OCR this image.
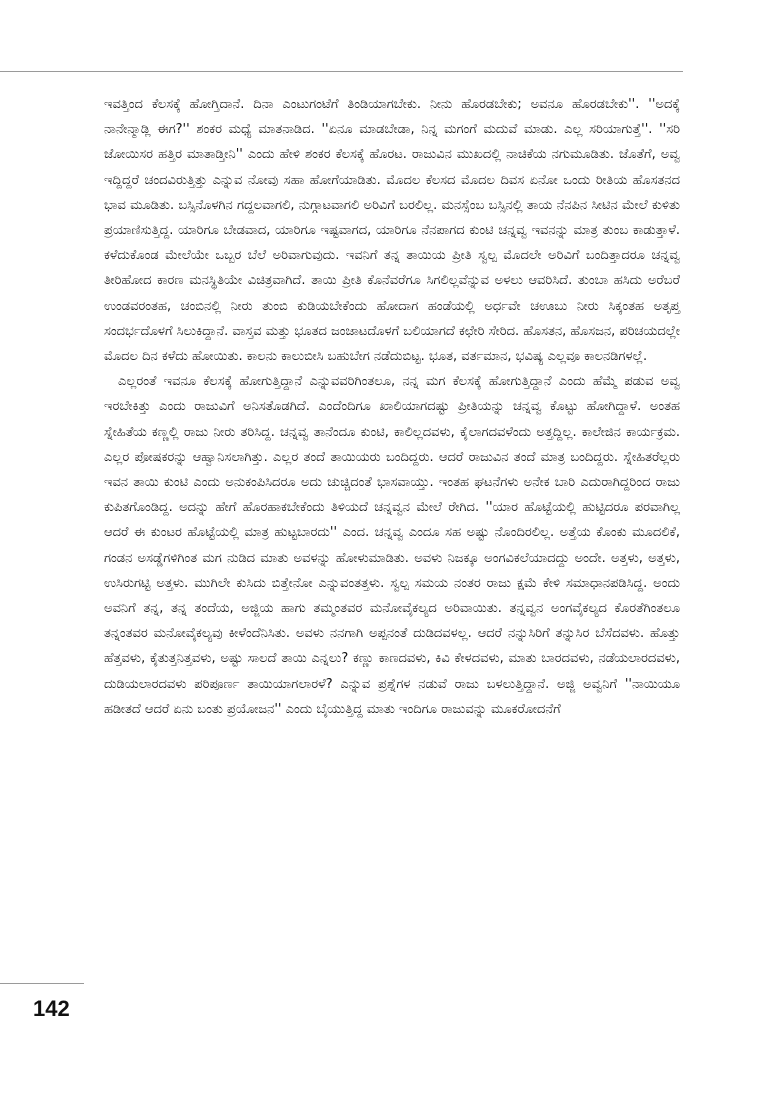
ಇವತ್ತಿಂದ ಕೆಲಸಕ್ಕೆ ಹೋಗ್ತಿದಾನೆ. ದಿನಾ ಎಂಟುಗಂಟೆಗೆ ತಿಂಡಿಯಾಗಬೇಕು. ನೀನು ಹೊರಡಬೇಕು; ಅವನೂ ಹೊರಡಬೇಕು''. ''ಅದಕ್ಕೆ ನಾನೇನ್ಮಾಡ್ಲಿ ಈಗ?'' ಶಂಕರ ಮಧ್ಯೆ ಮಾತನಾಡಿದ. ''ಏನೂ ಮಾಡಬೇಡಾ, ನಿನ್ನ ಮಗಂಗೆ ಮದುವೆ ಮಾಡು. ಎಲ್ಲ ಸರಿಯಾಗುತ್ತೆ''. ''ಸರಿ ಜೋಯಿಸರ ಹತ್ತಿರ ಮಾತಾಡ್ತೀನಿ'' ಎಂದು ಹೇಳಿ ಶಂಕರ ಕೆಲಸಕ್ಕೆ ಹೊರಟ. ರಾಜುವಿನ ಮುಖದಲ್ಲಿ ನಾಚಿಕೆಯ ನಗುಮೂಡಿತು. ಜೊತೆಗೆ, ಅವ್ವ ಇದ್ದಿದ್ದರೆ ಚಂದವಿರುತ್ತಿತ್ತು ಎನ್ನುವ ನೋವು ಸಹಾ ಹೋಗೆಯಾಡಿತು. ಮೊದಲ ಕೆಲಸದ ಮೊದಲ ದಿವಸ ಏನೋ ಒಂದು ರೀತಿಯ ಹೊಸತನದ ಭಾವ ಮೂಡಿತು. ಬಸ್ಸಿನೊಳಗಿನ ಗದ್ದಲವಾಗಲಿ, ನುಗ್ಗಾಟವಾಗಲಿ ಅರಿವಿಗೆ ಬರಲಿಲ್ಲ. ಮನಸ್ಸೆಂಬ ಬಸ್ಸಿನಲ್ಲಿ ತಾಯ ನೆನಪಿನ ಸೀಟಿನ ಮೇಲೆ ಕುಳಿತು ಪ್ರಯಾಣಿಸುತ್ತಿದ್ದ. ಯಾರಿಗೂ ಬೇಡವಾದ, ಯಾರಿಗೂ ಇಷ್ಟವಾಗದ, ಯಾರಿಗೂ ನೆನಪಾಗದ ಕುಂಟಿ ಚನ್ನವ್ವ ಇವನನ್ನು ಮಾತ್ರ ತುಂಬ ಕಾಡುತ್ತಾಳೆ. ಕಳೆದುಕೊಂಡ ಮೇಲೆಯೇ ಒಬ್ಬರ ಬೆಲೆ ಅರಿವಾಗುವುದು. ಇವನಿಗೆ ತನ್ನ ತಾಯಿಯ ಪ್ರೀತಿ ಸ್ವಲ್ಪ ಮೊದಲೇ ಅರಿವಿಗೆ ಬಂದಿತ್ತಾದರೂ ಚನ್ನವ್ವ ತೀರಿಹೋದ ಕಾರಣ ಮನಸ್ಥಿತಿಯೇ ವಿಚಿತ್ರವಾಗಿದೆ. ತಾಯಿ ಪ್ರೀತಿ ಕೊನೆವರೆಗೂ ಸಿಗಲಿಲ್ಲವೆನ್ನುವ ಅಳಲು ಆವರಿಸಿದೆ. ತುಂಬಾ ಹಸಿದು ಅರೆಬರೆ ಉಂಡವರಂತಹ, ಚಂಬಿನಲ್ಲಿ ನೀರು ತುಂಬಿ ಕುಡಿಯಬೇಕೆಂದು ಹೋದಾಗ ಹಂಡೆಯಲ್ಲಿ ಅರ್ಧವೇ ಚಊಬು ನೀರು ಸಿಕ್ಕಂತಹ ಅತೃಪ್ತ ಸಂದರ್ಭದೊಳಗೆ ಸಿಲುಕಿದ್ದಾನೆ. ವಾಸ್ತವ ಮತ್ತು ಭೂತದ ಜಂಜಾಟದೊಳಗೆ ಬಲಿಯಾಗದೆ ಕಛೇರಿ ಸೇರಿದ. ಹೊಸತನ, ಹೊಸಜನ, ಪರಿಚಯದಲ್ಲೇ ಮೊದಲ ದಿನ ಕಳೆದು ಹೋಯಿತು. ಕಾಲನು ಕಾಲುಬೀಸಿ ಬಹುಬೇಗ ನಡೆದುಬಿಟ್ಟ. ಭೂತ, ವರ್ತಮಾನ, ಭವಿಷ್ಯ ಎಲ್ಲವೂ ಕಾಲನಡಿಗಳಲ್ಲೆ.

ಎಲ್ಲರಂತೆ ಇವನೂ ಕೆಲಸಕ್ಕೆ ಹೋಗುತ್ತಿದ್ದಾನೆ ಎನ್ನುವವರಿಗಿಂತಲೂ, ನನ್ನ ಮಗ ಕೆಲಸಕ್ಕೆ ಹೋಗುತ್ತಿದ್ದಾನೆ ಎಂದು ಹೆಮ್ಮೆ ಪಡುವ ಅವ್ವ ಇರಬೇಕಿತ್ತು ಎಂದು ರಾಜುವಿಗೆ ಅನಿಸತೊಡಗಿದೆ. ಎಂದೆಂದಿಗೂ ಖಾಲಿಯಾಗದಷ್ಟು ಪ್ರೀತಿಯನ್ನು ಚನ್ನವ್ವ ಕೊಟ್ಟು ಹೋಗಿದ್ದಾಳೆ. ಅಂತಹ ಸ್ನೇಹಿತೆಯ ಕಣ್ಣಲ್ಲಿ ರಾಜು ನೀರು ತರಿಸಿದ್ದ. ಚನ್ನವ್ವ ತಾನೆಂದೂ ಕುಂಟಿ, ಕಾಲಿಲ್ಲದವಳು, ಕೈಲಾಗದವಳೆಂದು ಅತ್ತದ್ದಿಲ್ಲ. ಕಾಲೇಜಿನ ಕಾರ್ಯಕ್ರಮ. ಎಲ್ಲರ ಪೋಷಕರನ್ನು ಆಹ್ವಾನಿಸಲಾಗಿತ್ತು. ಎಲ್ಲರ ತಂದೆ ತಾಯಿಯರು ಬಂದಿದ್ದರು. ಆದರೆ ರಾಜುವಿನ ತಂದೆ ಮಾತ್ರ ಬಂದಿದ್ದರು. ಸ್ನೇಹಿತರೆಲ್ಲರು ಇವನ ತಾಯಿ ಕುಂಟಿ ಎಂದು ಅನುಕಂಪಿಸಿದರೂ ಅದು ಚುಚ್ಚಿದಂತೆ ಭಾಸವಾಯ್ತು. ಇಂತಹ ಘಟನೆಗಳು ಅನೇಕ ಬಾರಿ ಎದುರಾಗಿದ್ದರಿಂದ ರಾಜು ಕುಪಿತಗೊಂಡಿದ್ದ. ಅದನ್ನು ಹೇಗೆ ಹೊರಹಾಕಬೇಕೆಂದು ತಿಳಿಯದೆ ಚನ್ನವ್ವನ ಮೇಲೆ ರೇಗಿದ. ''ಯಾರ ಹೊಟ್ಟೆಯಲ್ಲಿ ಹುಟ್ಟಿದರೂ ಪರವಾಗಿಲ್ಲ ಆದರೆ ಈ ಕುಂಟರ ಹೊಟ್ಟೆಯಲ್ಲಿ ಮಾತ್ರ ಹುಟ್ಟಬಾರದು'' ಎಂದ. ಚನ್ನವ್ವ ಎಂದೂ ಸಹ ಅಷ್ಟು ನೊಂದಿರಲಿಲ್ಲ. ಅತ್ತೆಯ ಕೊಂಕು ಮೂದಲಿಕೆ, ಗಂಡನ ಅಸಡ್ಡೆಗಳಿಗಿಂತ ಮಗ ನುಡಿದ ಮಾತು ಅವಳನ್ನು ಹೋಳುಮಾಡಿತು. ಅವಳು ನಿಜಕ್ಕೂ ಅಂಗವಿಕಲೆಯಾದದ್ದು ಅಂದೇ. ಅತ್ತಳು, ಅತ್ತಳು, ಉಸಿರುಗಟ್ಟಿ ಅತ್ತಳು. ಮುಗಿಲೇ ಕುಸಿದು ಬಿತ್ತೇನೋ ಎನ್ನುವಂತತ್ತಳು. ಸ್ವಲ್ಪ ಸಮಯ ನಂತರ ರಾಜು ಕ್ಷಮೆ ಕೇಳಿ ಸಮಾಧಾನಪಡಿಸಿದ್ದ. ಅಂದು ಅವನಿಗೆ ತನ್ನ, ತನ್ನ ತಂದೆಯ, ಅಜ್ಜಿಯ ಹಾಗು ತಮ್ಮಂತವರ ಮನೋವೈಕಲ್ಯದ ಅರಿವಾಯಿತು. ತನ್ನವ್ವನ ಅಂಗವೈಕಲ್ಯದ ಕೊರತೆಗಿಂತಲೂ ತನ್ನಂತವರ ಮನೋವೈಕಲ್ಯವು ಕೀಳೆಂದೆನಿಸಿತು. ಅವಳು ನನಗಾಗಿ ಅಪ್ಪನಂತೆ ದುಡಿದವಳಲ್ಲ. ಆದರೆ ನನ್ನುಸಿರಿಗೆ ತನ್ನುಸಿರ ಬೆಸೆದವಳು. ಹೊತ್ತು ಹೆತ್ತವಳು, ಕೈತುತ್ತನಿತ್ತವಳು, ಅಷ್ಟು ಸಾಲದೆ ತಾಯಿ ಎನ್ನಲು? ಕಣ್ಣು ಕಾಣದವಳು, ಕಿವಿ ಕೇಳದವಳು, ಮಾತು ಬಾರದವಳು, ನಡೆಯಲಾರದವಳು, ದುಡಿಯಲಾರದವಳು ಪರಿಪೂರ್ಣ ತಾಯಿಯಾಗಲಾರಳೆ? ಎನ್ನುವ ಪ್ರಶ್ನೆಗಳ ನಡುವೆ ರಾಜು ಬಳಲುತ್ತಿದ್ದಾನೆ. ಅಜ್ಜಿ ಅವ್ವನಿಗೆ ''ನಾಯಿಯೂ ಹಡೀತದೆ ಆದರೆ ಏನು ಬಂತು ಪ್ರಯೋಜನ'' ಎಂದು ಬೈಯುತ್ತಿದ್ದ ಮಾತು ಇಂದಿಗೂ ರಾಜುವನ್ನು ಮೂಕರೋದನೆಗೆ

142
